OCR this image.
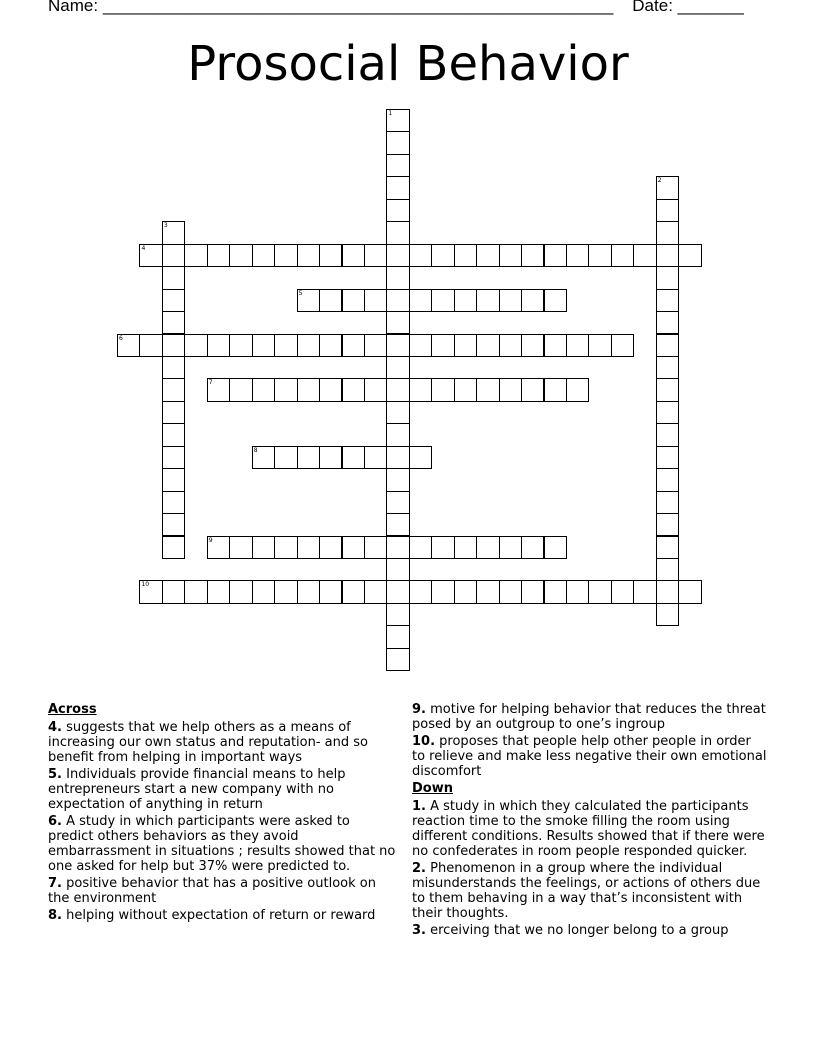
Name: ______________________________________________________ Date: _______
Prosocial Behavior
1
2
3
4
5
6
7
8
9
10
Across
4. suggests that we help others as a means of increasing our own status and reputation- and so benefit from helping in important ways
5. Individuals provide financial means to help entrepreneurs start a new company with no expectation of anything in return
6. A study in which participants were asked to predict others behaviors as they avoid embarrassment in situations ; results showed that no one asked for help but 37% were predicted to.
7. positive behavior that has a positive outlook on the environment
8. helping without expectation of return or reward
9. motive for helping behavior that reduces the threat posed by an outgroup to one’s ingroup
10. proposes that people help other people in order to relieve and make less negative their own emotional discomfort
Down
1. A study in which they calculated the participants reaction time to the smoke filling the room using different conditions. Results showed that if there were no confederates in room people responded quicker.
2. Phenomenon in a group where the individual misunderstands the feelings, or actions of others due to them behaving in a way that’s inconsistent with their thoughts.
3. erceiving that we no longer belong to a group
